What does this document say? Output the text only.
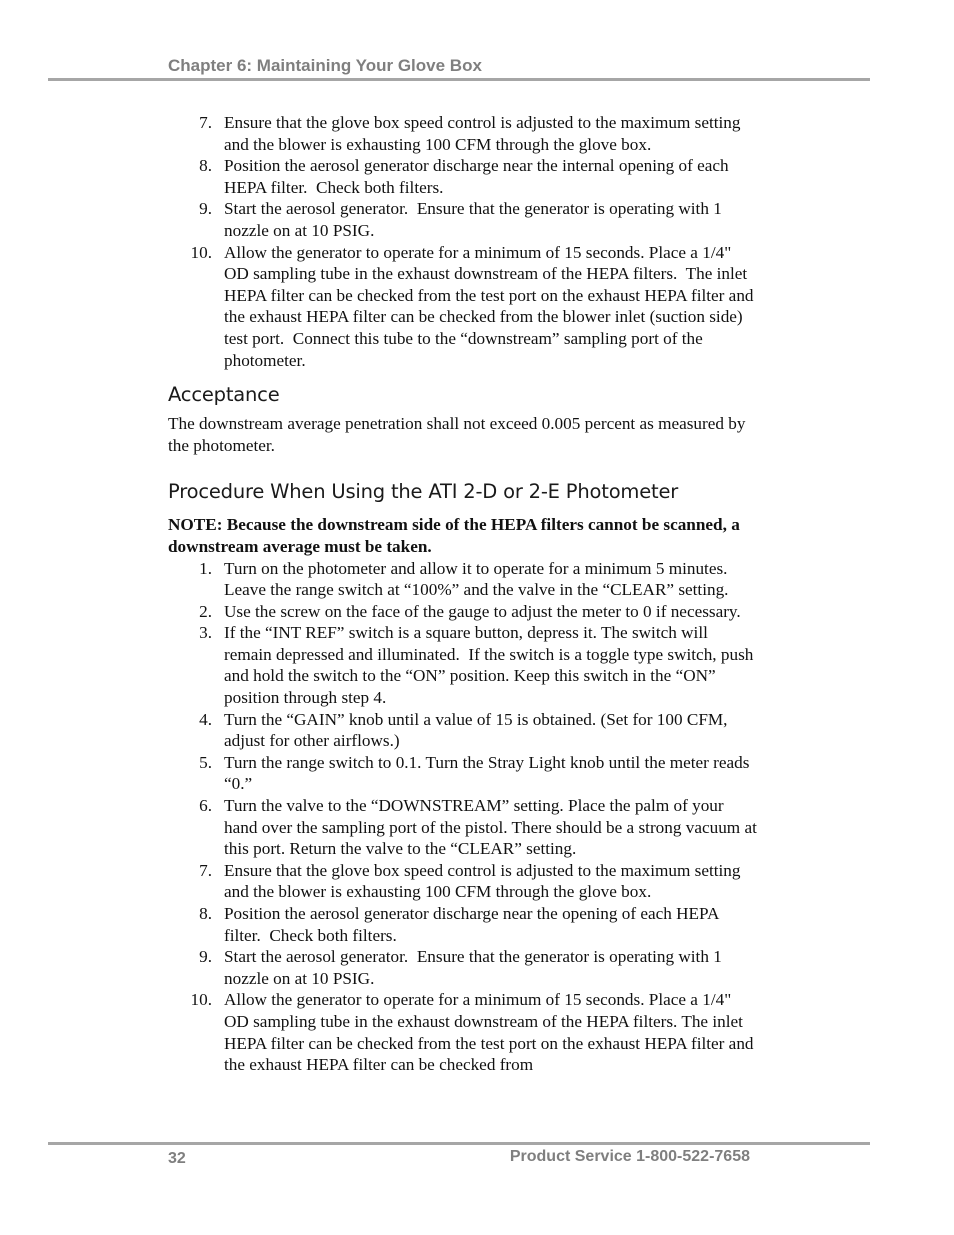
Chapter 6: Maintaining Your Glove Box
7. Ensure that the glove box speed control is adjusted to the maximum setting and the blower is exhausting 100 CFM through the glove box.
8. Position the aerosol generator discharge near the internal opening of each HEPA filter.  Check both filters.
9. Start the aerosol generator.  Ensure that the generator is operating with 1 nozzle on at 10 PSIG.
10. Allow the generator to operate for a minimum of 15 seconds. Place a 1/4" OD sampling tube in the exhaust downstream of the HEPA filters.  The inlet HEPA filter can be checked from the test port on the exhaust HEPA filter and the exhaust HEPA filter can be checked from the blower inlet (suction side) test port.  Connect this tube to the “downstream” sampling port of the photometer.
Acceptance

The downstream average penetration shall not exceed 0.005 percent as measured by the photometer.

Procedure When Using the ATI 2-D or 2-E Photometer

NOTE: Because the downstream side of the HEPA filters cannot be scanned, a downstream average must be taken.

1. Turn on the photometer and allow it to operate for a minimum 5 minutes. Leave the range switch at “100%” and the valve in the “CLEAR” setting.
2. Use the screw on the face of the gauge to adjust the meter to 0 if necessary.
3. If the “INT REF” switch is a square button, depress it. The switch will remain depressed and illuminated.  If the switch is a toggle type switch, push and hold the switch to the “ON” position. Keep this switch in the “ON” position through step 4.
4. Turn the “GAIN” knob until a value of 15 is obtained. (Set for 100 CFM, adjust for other airflows.)
5. Turn the range switch to 0.1. Turn the Stray Light knob until the meter reads “0.”
6. Turn the valve to the “DOWNSTREAM” setting. Place the palm of your hand over the sampling port of the pistol. There should be a strong vacuum at this port. Return the valve to the “CLEAR” setting.
7. Ensure that the glove box speed control is adjusted to the maximum setting and the blower is exhausting 100 CFM through the glove box.
8. Position the aerosol generator discharge near the opening of each HEPA filter.  Check both filters.
9. Start the aerosol generator.  Ensure that the generator is operating with 1 nozzle on at 10 PSIG.
10. Allow the generator to operate for a minimum of 15 seconds. Place a 1/4" OD sampling tube in the exhaust downstream of the HEPA filters. The inlet HEPA filter can be checked from the test port on the exhaust HEPA filter and the exhaust HEPA filter can be checked from
32	Product Service 1-800-522-7658
